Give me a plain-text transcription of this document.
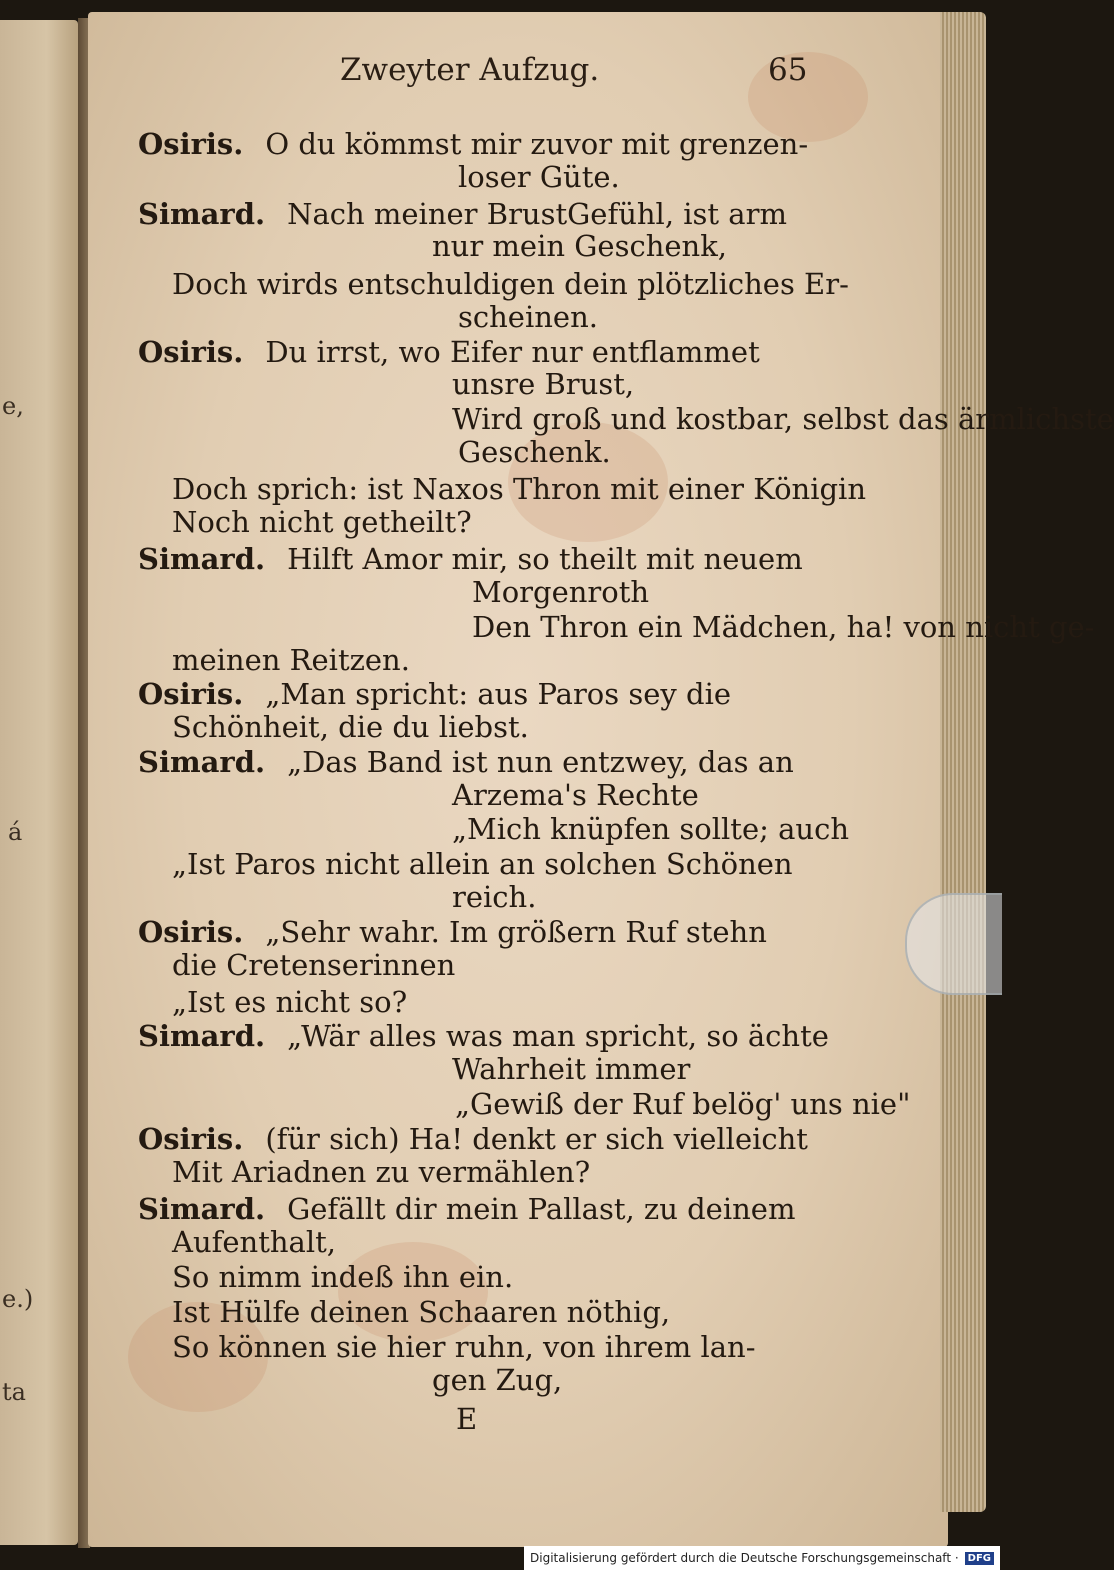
e,
á
e.)
ta
Zweyter Aufzug.	65
Osiris. O du kömmst mir zuvor mit grenzen-
loser Güte.
Simard. Nach meiner BrustGefühl, ist arm
nur mein Geschenk,
Doch wirds entschuldigen dein plötzliches Er-
scheinen.
Osiris. Du irrst, wo Eifer nur entflammet
unsre Brust,
Wird groß und kostbar, selbst das ärmlichste
Geschenk.
Doch sprich: ist Naxos Thron mit einer Königin
Noch nicht getheilt?
Simard. Hilft Amor mir, so theilt mit neuem
Morgenroth
Den Thron ein Mädchen, ha! von nicht ge-
meinen Reitzen.
Osiris. „Man spricht: aus Paros sey die
Schönheit, die du liebst.
Simard. „Das Band ist nun entzwey, das an
Arzema's Rechte
„Mich knüpfen sollte; auch
„Ist Paros nicht allein an solchen Schönen
reich.
Osiris. „Sehr wahr. Im größern Ruf stehn
die Cretenserinnen
„Ist es nicht so?
Simard. „Wär alles was man spricht, so ächte
Wahrheit immer
„Gewiß der Ruf belög' uns nie"
Osiris. (für sich) Ha! denkt er sich vielleicht
Mit Ariadnen zu vermählen?
Simard. Gefällt dir mein Pallast, zu deinem
Aufenthalt,
So nimm indeß ihn ein.
Ist Hülfe deinen Schaaren nöthig,
So können sie hier ruhn, von ihrem lan-
gen Zug,
E
Digitalisierung gefördert durch die Deutsche Forschungsgemeinschaft · DFG
